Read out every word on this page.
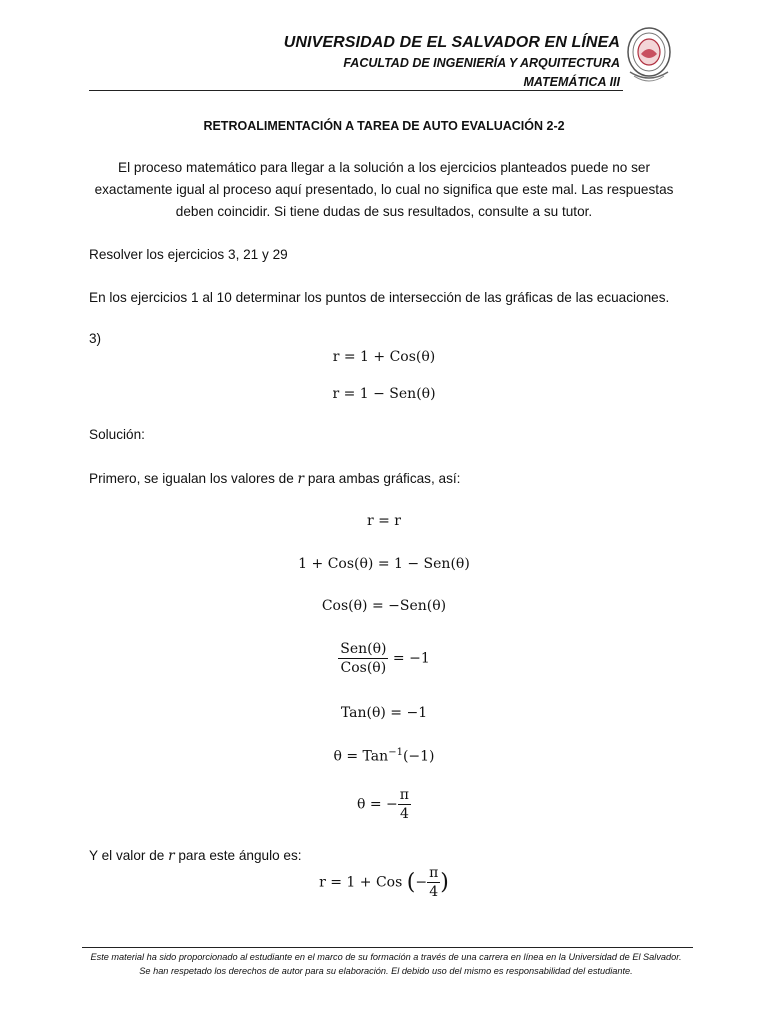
UNIVERSIDAD DE EL SALVADOR EN LÍNEA
FACULTAD DE INGENIERÍA Y ARQUITECTURA
MATEMÁTICA III
RETROALIMENTACIÓN A TAREA DE AUTO EVALUACIÓN 2-2
El proceso matemático para llegar a la solución a los ejercicios planteados puede no ser exactamente igual al proceso aquí presentado, lo cual no significa que este mal. Las respuestas deben coincidir. Si tiene dudas de sus resultados, consulte a su tutor.
Resolver los ejercicios 3, 21 y 29
En los ejercicios 1 al 10 determinar los puntos de intersección de las gráficas de las ecuaciones.
3)
r = 1 + Cos(θ)
r = 1 − Sen(θ)
Solución:
Primero, se igualan los valores de r para ambas gráficas, así:
r = r
1 + Cos(θ) = 1 − Sen(θ)
Cos(θ) = −Sen(θ)
$\frac{\text{Sen(θ)}}{\text{Cos(θ)}} = -1$
Tan(θ) = −1
θ = Tan$^{-1}$(−1)
θ = − $\frac{\pi}{4}$
Y el valor de r para este ángulo es:
r = 1 + Cos (− $\frac{\pi}{4}$ )
Este material ha sido proporcionado al estudiante en el marco de su formación a través de una carrera en línea en la Universidad de El Salvador. Se han respetado los derechos de autor para su elaboración. El debido uso del mismo es responsabilidad del estudiante.
